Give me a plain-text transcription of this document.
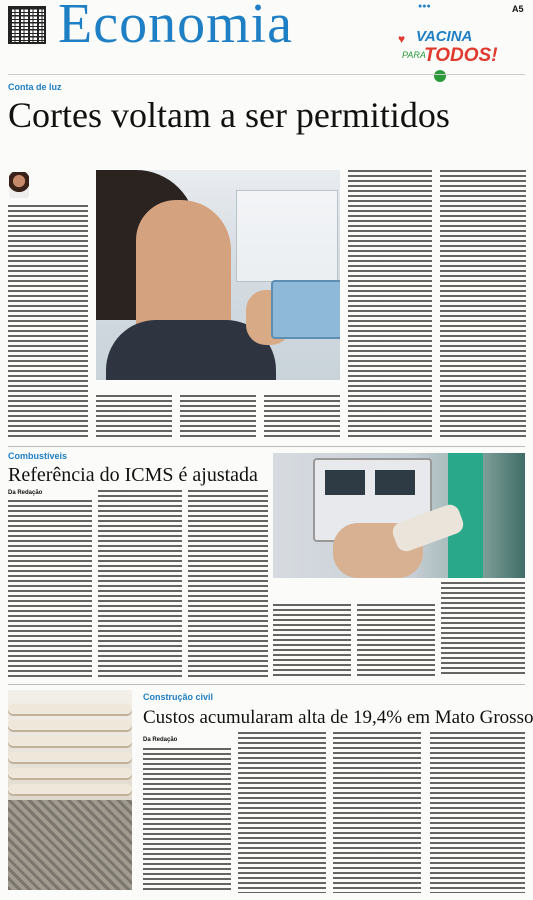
Economia	●●●	A5
♥ VACINA
PARA
TODOS!
Conta de luz
Cortes voltam a ser permitidos
Combustíveis
Referência do ICMS é ajustada
Da Redação
Construção civil
Custos acumularam alta de 19,4% em Mato Grosso
Da Redação
